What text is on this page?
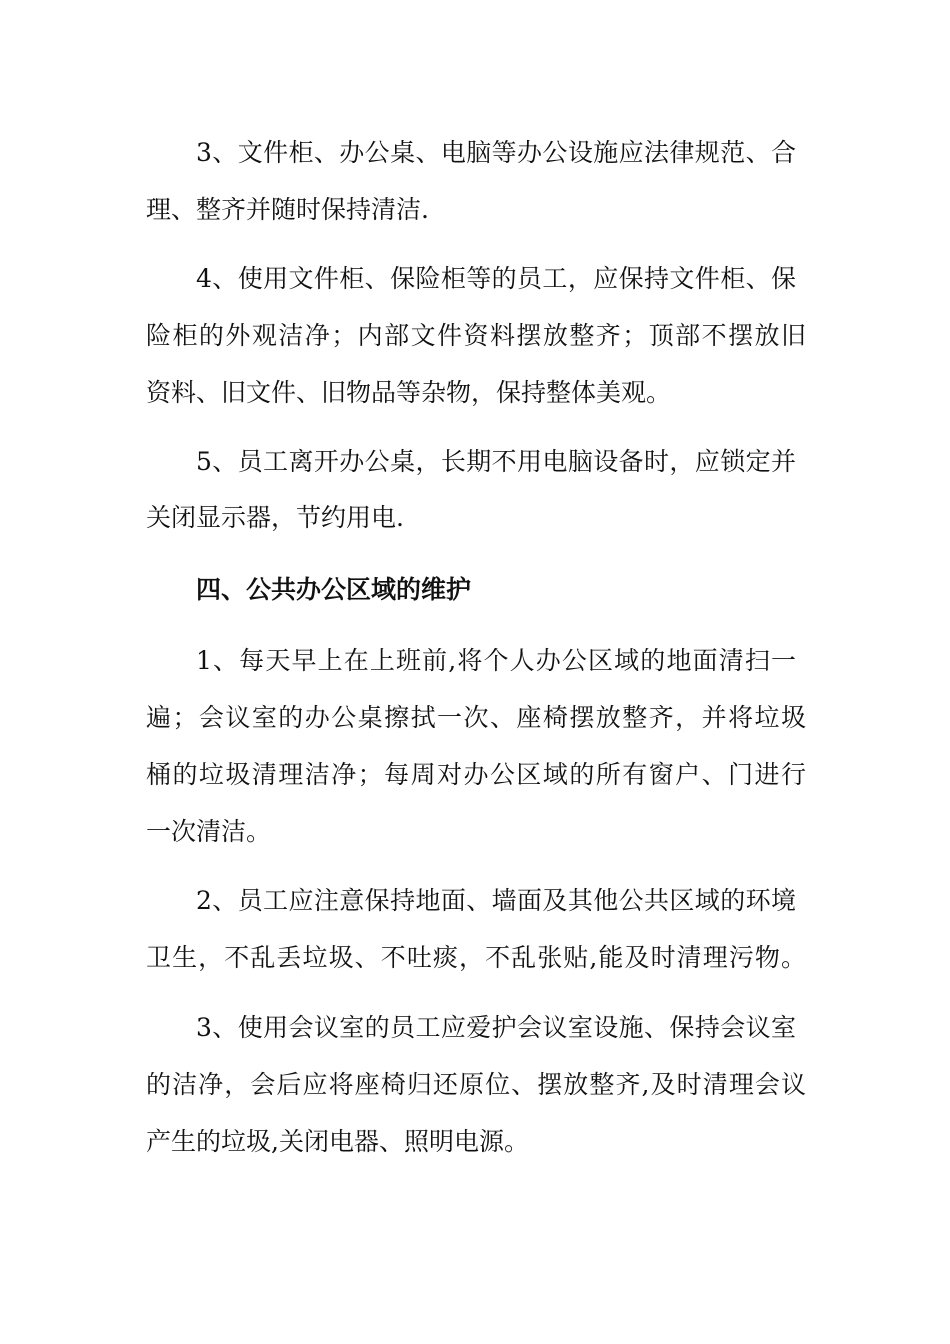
3、文件柜、办公桌、电脑等办公设施应法律规范、合
理、整齐并随时保持清洁.
4、使用文件柜、保险柜等的员工，应保持文件柜、保
险柜的外观洁净；内部文件资料摆放整齐；顶部不摆放旧
资料、旧文件、旧物品等杂物，保持整体美观。
5、员工离开办公桌，长期不用电脑设备时，应锁定并
关闭显示器，节约用电.
四、公共办公区域的维护
1、每天早上在上班前,将个人办公区域的地面清扫一
遍；会议室的办公桌擦拭一次、座椅摆放整齐，并将垃圾
桶的垃圾清理洁净；每周对办公区域的所有窗户、门进行
一次清洁。
2、员工应注意保持地面、墙面及其他公共区域的环境
卫生，不乱丢垃圾、不吐痰，不乱张贴,能及时清理污物。
3、使用会议室的员工应爱护会议室设施、保持会议室
的洁净，会后应将座椅归还原位、摆放整齐,及时清理会议
产生的垃圾,关闭电器、照明电源。
